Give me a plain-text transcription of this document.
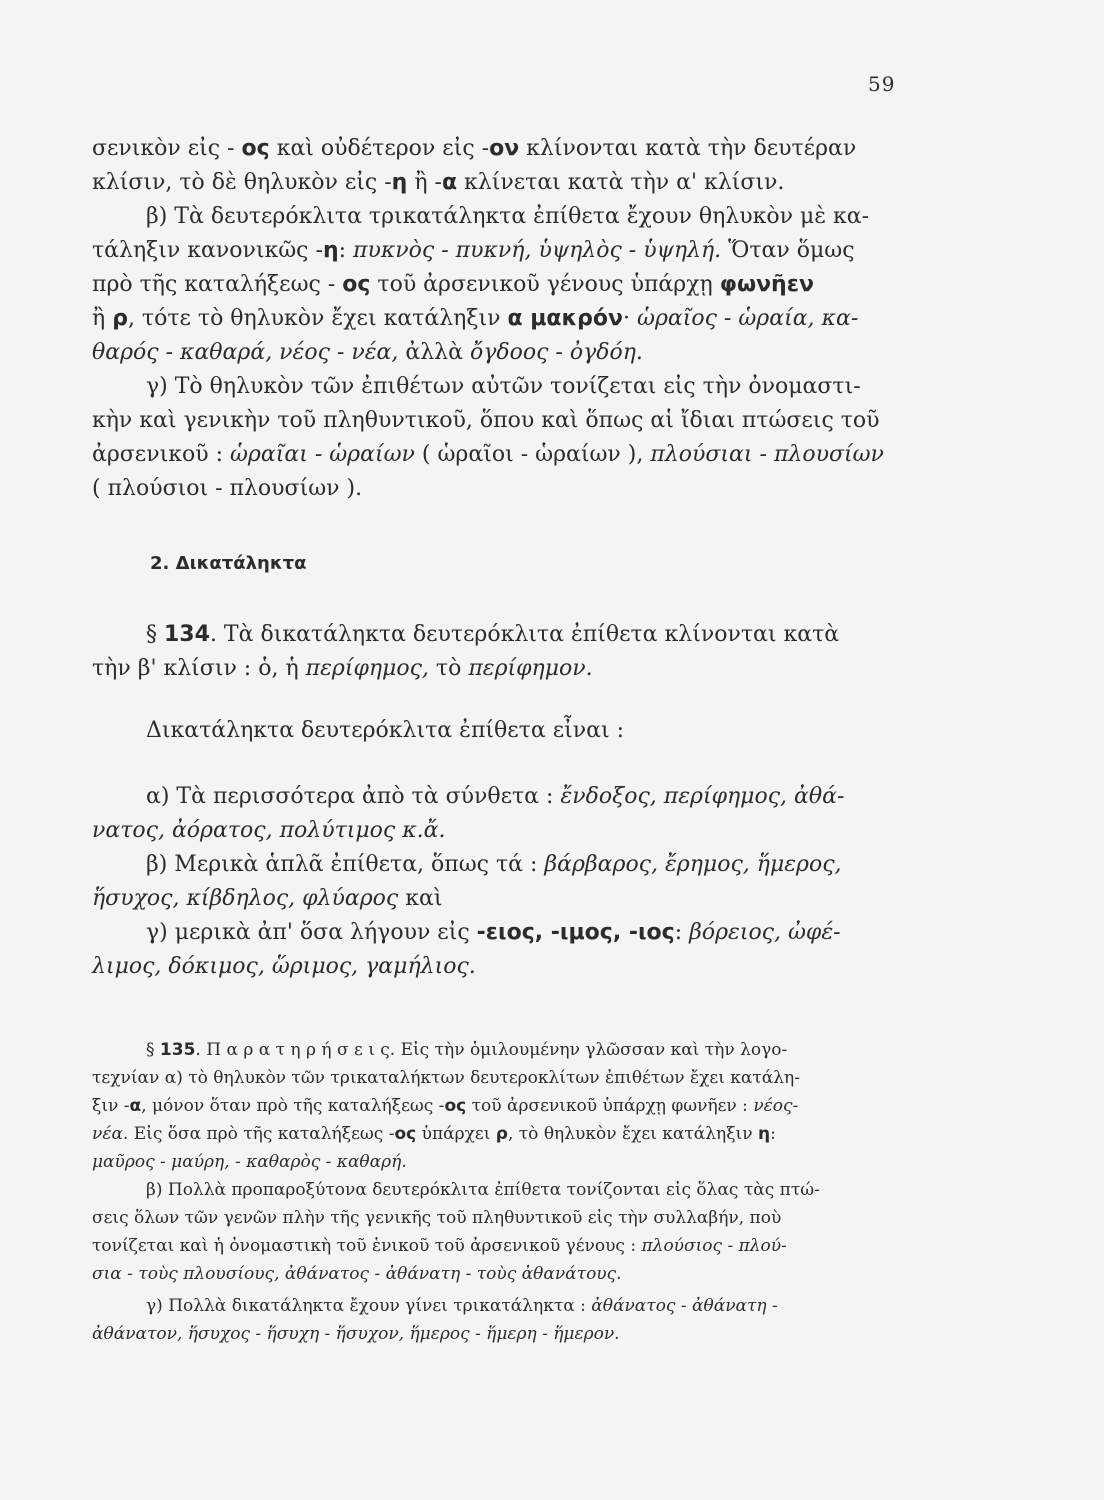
59
σενικὸν εἰς - ος καὶ οὐδέτερον εἰς -ον κλίνονται κατὰ τὴν δευτέραν
κλίσιν, τὸ δὲ θηλυκὸν εἰς -η ἢ -α κλίνεται κατὰ τὴν α' κλίσιν.
β) Τὰ δευτερόκλιτα τρικατάληκτα ἐπίθετα ἔχουν θηλυκὸν μὲ κα-
τάληξιν κανονικῶς -η: πυκνὸς - πυκνή, ὑψηλὸς - ὑψηλή. Ὅταν ὅμως
πρὸ τῆς καταλήξεως - ος τοῦ ἀρσενικοῦ γένους ὑπάρχῃ φωνῆεν
ἢ ρ, τότε τὸ θηλυκὸν ἔχει κατάληξιν α μακρόν· ὡραῖος - ὡραία, κα-
θαρός - καθαρά, νέος - νέα, ἀλλὰ ὄγδοος - ὀγδόη.
γ) Τὸ θηλυκὸν τῶν ἐπιθέτων αὐτῶν τονίζεται εἰς τὴν ὀνομαστι-
κὴν καὶ γενικὴν τοῦ πληθυντικοῦ, ὅπου καὶ ὅπως αἱ ἴδιαι πτώσεις τοῦ
ἀρσενικοῦ : ὡραῖαι - ὡραίων ( ὡραῖοι - ὡραίων ), πλούσιαι - πλουσίων
( πλούσιοι - πλουσίων ).
2. Δικατάληκτα
§ 134. Τὰ δικατάληκτα δευτερόκλιτα ἐπίθετα κλίνονται κατὰ
τὴν β' κλίσιν : ὁ, ἡ περίφημος, τὸ περίφημον.
Δικατάληκτα δευτερόκλιτα ἐπίθετα εἶναι :
α) Τὰ περισσότερα ἀπὸ τὰ σύνθετα : ἔνδοξος, περίφημος, ἀθά-
νατος, ἀόρατος, πολύτιμος κ.ἄ.
β) Μερικὰ ἁπλᾶ ἐπίθετα, ὅπως τά : βάρβαρος, ἔρημος, ἥμερος,
ἥσυχος, κίβδηλος, φλύαρος καὶ
γ) μερικὰ ἀπ' ὅσα λήγουν εἰς -ειος, -ιμος, -ιος: βόρειος, ὠφέ-
λιμος, δόκιμος, ὥριμος, γαμήλιος.
§ 135. Π α ρ α τ η ρ ή σ ε ι ς. Εἰς τὴν ὁμιλουμένην γλῶσσαν καὶ τὴν λογο-
τεχνίαν α) τὸ θηλυκὸν τῶν τρικαταλήκτων δευτεροκλίτων ἐπιθέτων ἔχει κατάλη-
ξιν -α, μόνον ὅταν πρὸ τῆς καταλήξεως -ος τοῦ ἀρσενικοῦ ὑπάρχῃ φωνῆεν : νέος-
νέα. Εἰς ὅσα πρὸ τῆς καταλήξεως -ος ὑπάρχει ρ, τὸ θηλυκὸν ἔχει κατάληξιν η:
μαῦρος - μαύρη, - καθαρὸς - καθαρή.
β) Πολλὰ προπαροξύτονα δευτερόκλιτα ἐπίθετα τονίζονται εἰς ὅλας τὰς πτώ-
σεις ὅλων τῶν γενῶν πλὴν τῆς γενικῆς τοῦ πληθυντικοῦ εἰς τὴν συλλαβήν, ποὺ
τονίζεται καὶ ἡ ὀνομαστικὴ τοῦ ἑνικοῦ τοῦ ἀρσενικοῦ γένους : πλούσιος - πλού-
σια - τοὺς πλουσίους, ἀθάνατος - ἀθάνατη - τοὺς ἀθανάτους.
γ) Πολλὰ δικατάληκτα ἔχουν γίνει τρικατάληκτα : ἀθάνατος - ἀθάνατη -
ἀθάνατον, ἥσυχος - ἥσυχη - ἥσυχον, ἥμερος - ἥμερη - ἥμερον.
